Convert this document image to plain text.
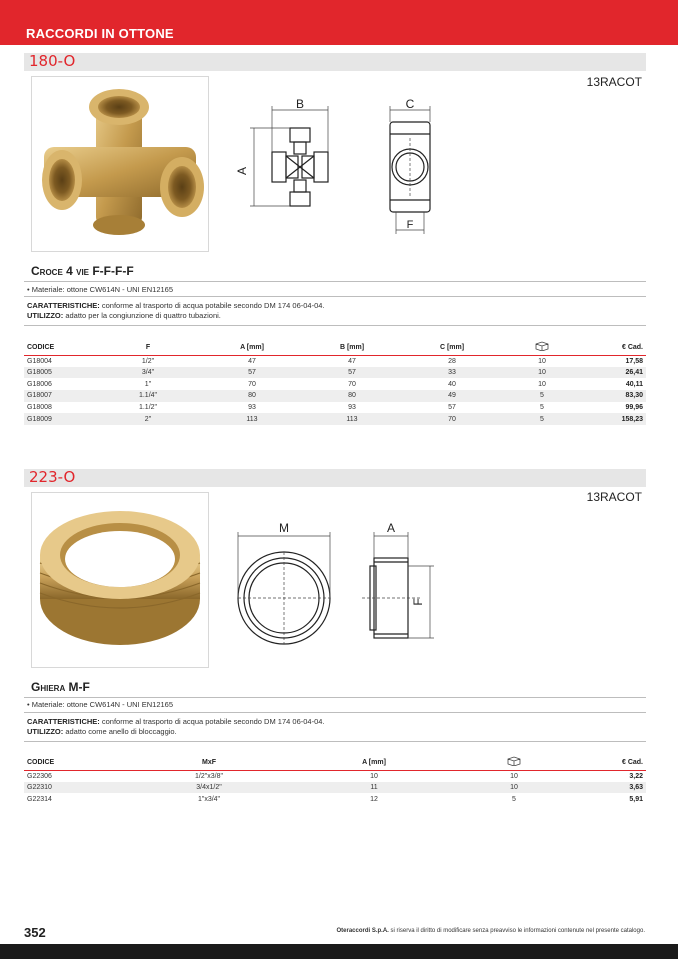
RACCORDI IN OTTONE
180-O
13RACOT
B	C
A
F
Croce 4 vie F-F-F-F
• Materiale: ottone CW614N - UNI EN12165
CARATTERISTICHE: conforme al trasporto di acqua potabile secondo DM 174 06-04-04.
UTILIZZO: adatto per la congiunzione di quattro tubazioni.
CODICE	F	A [mm]	B [mm]	C [mm]		€ Cad.
G18004	1/2"	47	47	28	10	17,58
G18005	3/4"	57	57	33	10	26,41
G18006	1"	70	70	40	10	40,11
G18007	1.1/4"	80	80	49	5	83,30
G18008	1.1/2"	93	93	57	5	99,96
G18009	2"	113	113	70	5	158,23
223-O
13RACOT
M	A
F
Ghiera M-F
• Materiale: ottone CW614N - UNI EN12165
CARATTERISTICHE: conforme al trasporto di acqua potabile secondo DM 174 06-04-04.
UTILIZZO: adatto come anello di bloccaggio.
CODICE	MxF	A [mm]		€ Cad.
G22306	1/2"x3/8"	10	10	3,22
G22310	3/4x1/2"	11	10	3,63
G22314	1"x3/4"	12	5	5,91
352	Oteraccordi S.p.A. si riserva il diritto di modificare senza preavviso le informazioni contenute nel presente catalogo.
